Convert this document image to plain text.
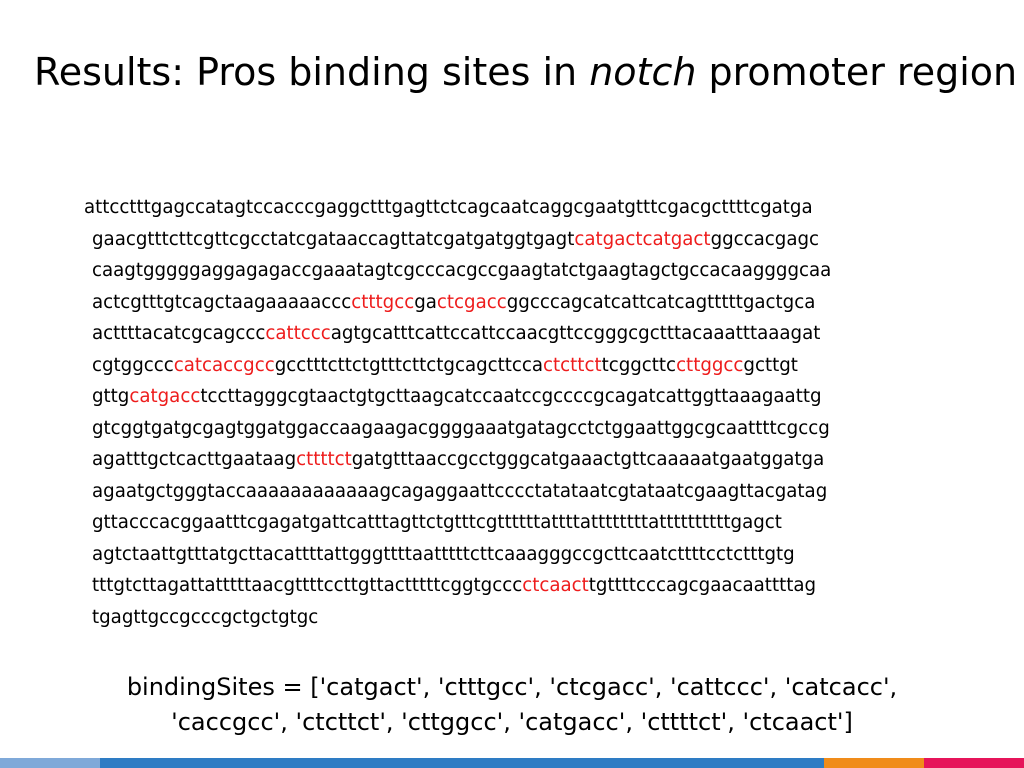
Results: Pros binding sites in notch promoter region
attcctttgagccatagtccacccgaggctttgagttctcagcaatcaggcgaatgtttcgacgcttttcgatga
gaacgtttcttcgttcgcctatcgataaccagttatcgatgatggtgagtcatgactcatgactggccacgagc
caagtgggggaggagagaccgaaatagtcgcccacgccgaagtatctgaagtagctgccacaaggggcaa
actcgtttgtcagctaagaaaaacccctttgccgactcgaccggcccagcatcattcatcagtttttgactgca
acttttacatcgcagccccattcccagtgcatttcattccattccaacgttccgggcgctttacaaatttaaagat
cgtggccccatcaccgccgcctttcttctgtttcttctgcagcttccactcttcttcggcttccttggccgcttgt
gttgcatgacctccttagggcgtaactgtgcttaagcatccaatccgccccgcagatcattggttaaagaattg
gtcggtgatgcgagtggatggaccaagaagacggggaaatgatagcctctggaattggcgcaattttcgccg
agatttgctcacttgaataagcttttctgatgtttaaccgcctgggcatgaaactgttcaaaaatgaatggatga
agaatgctgggtaccaaaaaaaaaaaagcagaggaattcccctatataatcgtataatcgaagttacgatag
gttacccacggaatttcgagatgattcatttagttctgtttcgttttttattttattttttttattttttttttgagct
agtctaattgtttatgcttacattttattgggttttaatttttcttcaaagggccgcttcaatcttttcctctttgtg
tttgtcttagattatttttaacgttttccttgttactttttcggtgcccctcaacttgttttcccagcgaacaattttag
tgagttgccgcccgctgctgtgc
bindingSites = ['catgact', 'ctttgcc', 'ctcgacc', 'cattccc', 'catcacc',
'caccgcc', 'ctcttct', 'cttggcc', 'catgacc', 'cttttct', 'ctcaact']
